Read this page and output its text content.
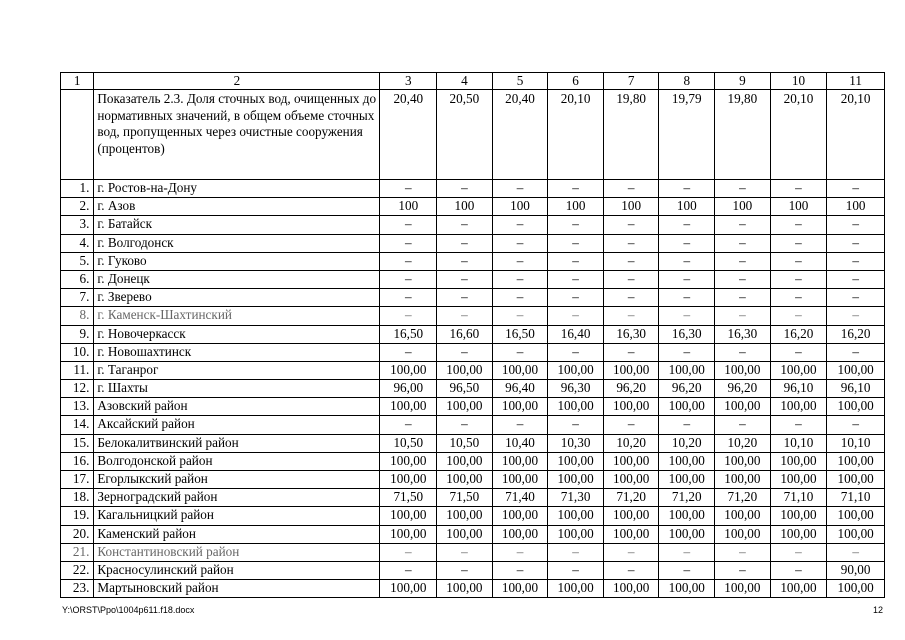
1	2	3	4	5	6	7	8	9	10	11
	Показатель 2.3. Доля сточных вод, очищенных до нормативных значений, в общем объеме сточных вод, пропущенных через очистные сооружения (процентов)	20,40	20,50	20,40	20,10	19,80	19,79	19,80	20,10	20,10
1.	г. Ростов-на-Дону	–	–	–	–	–	–	–	–	–
2.	г. Азов	100	100	100	100	100	100	100	100	100
3.	г. Батайск	–	–	–	–	–	–	–	–	–
4.	г. Волгодонск	–	–	–	–	–	–	–	–	–
5.	г. Гуково	–	–	–	–	–	–	–	–	–
6.	г. Донецк	–	–	–	–	–	–	–	–	–
7.	г. Зверево	–	–	–	–	–	–	–	–	–
8.	г. Каменск-Шахтинский	–	–	–	–	–	–	–	–	–
9.	г. Новочеркасск	16,50	16,60	16,50	16,40	16,30	16,30	16,30	16,20	16,20
10.	г. Новошахтинск	–	–	–	–	–	–	–	–	–
11.	г. Таганрог	100,00	100,00	100,00	100,00	100,00	100,00	100,00	100,00	100,00
12.	г. Шахты	96,00	96,50	96,40	96,30	96,20	96,20	96,20	96,10	96,10
13.	Азовский район	100,00	100,00	100,00	100,00	100,00	100,00	100,00	100,00	100,00
14.	Аксайский район	–	–	–	–	–	–	–	–	–
15.	Белокалитвинский район	10,50	10,50	10,40	10,30	10,20	10,20	10,20	10,10	10,10
16.	Волгодонской район	100,00	100,00	100,00	100,00	100,00	100,00	100,00	100,00	100,00
17.	Егорлыкский район	100,00	100,00	100,00	100,00	100,00	100,00	100,00	100,00	100,00
18.	Зерноградский район	71,50	71,50	71,40	71,30	71,20	71,20	71,20	71,10	71,10
19.	Кагальницкий район	100,00	100,00	100,00	100,00	100,00	100,00	100,00	100,00	100,00
20.	Каменский район	100,00	100,00	100,00	100,00	100,00	100,00	100,00	100,00	100,00
21.	Константиновский район	–	–	–	–	–	–	–	–	–
22.	Красносулинский район	–	–	–	–	–	–	–	–	90,00
23.	Мартыновский район	100,00	100,00	100,00	100,00	100,00	100,00	100,00	100,00	100,00
Y:\ORST\Ppo\1004p611.f18.docx	12
